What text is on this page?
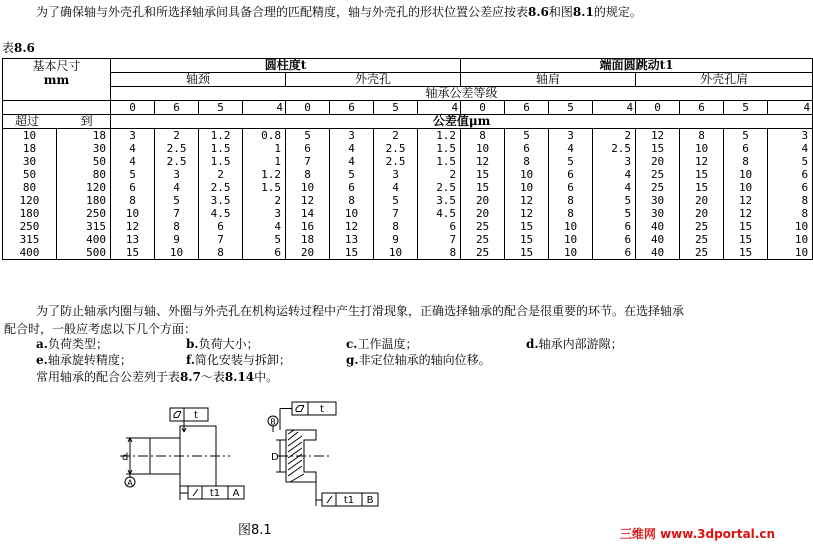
为了确保轴与外壳孔和所选择轴承间具备合理的匹配精度，轴与外壳孔的形状位置公差应按表8.6和图8.1的规定。
表8.6
基本尺寸
mm		圆柱度t								端面圆跳动t1							
		轴颈				外壳孔				轴肩				外壳孔肩			
		轴承公差等级															
		0	6	5	4	0	6	5	4	0	6	5	4	0	6	5	4
超过 到		公差值μm															
10	18	3	2	1.2	0.8	5	3	2	1.2	8	5	3	2	12	8	5	3
18	30	4	2.5	1.5	1	6	4	2.5	1.5	10	6	4	2.5	15	10	6	4
30	50	4	2.5	1.5	1	7	4	2.5	1.5	12	8	5	3	20	12	8	5
50	80	5	3	2	1.2	8	5	3	2	15	10	6	4	25	15	10	6
80	120	6	4	2.5	1.5	10	6	4	2.5	15	10	6	4	25	15	10	6
120	180	8	5	3.5	2	12	8	5	3.5	20	12	8	5	30	20	12	8
180	250	10	7	4.5	3	14	10	7	4.5	20	12	8	5	30	20	12	8
250	315	12	8	6	4	16	12	8	6	25	15	10	6	40	25	15	10
315	400	13	9	7	5	18	13	9	7	25	15	10	6	40	25	15	10
400	500	15	10	8	6	20	15	10	8	25	15	10	6	40	25	15	10
为了防止轴承内圈与轴、外圈与外壳孔在机构运转过程中产生打滑现象，正确选择轴承的配合是很重要的环节。在选择轴承
配合时，一般应考虑以下几个方面：
a.负荷类型；	b.负荷大小；	c.工作温度；	d.轴承内部游隙；
e.轴承旋转精度；	f.简化安装与拆卸；	g.非定位轴承的轴向位移。
常用轴承的配合公差列于表8.7～表8.14中。
t
d
A
t1 A
B
t
D
t1 B
图8.1	三维网 www.3dportal.cn
